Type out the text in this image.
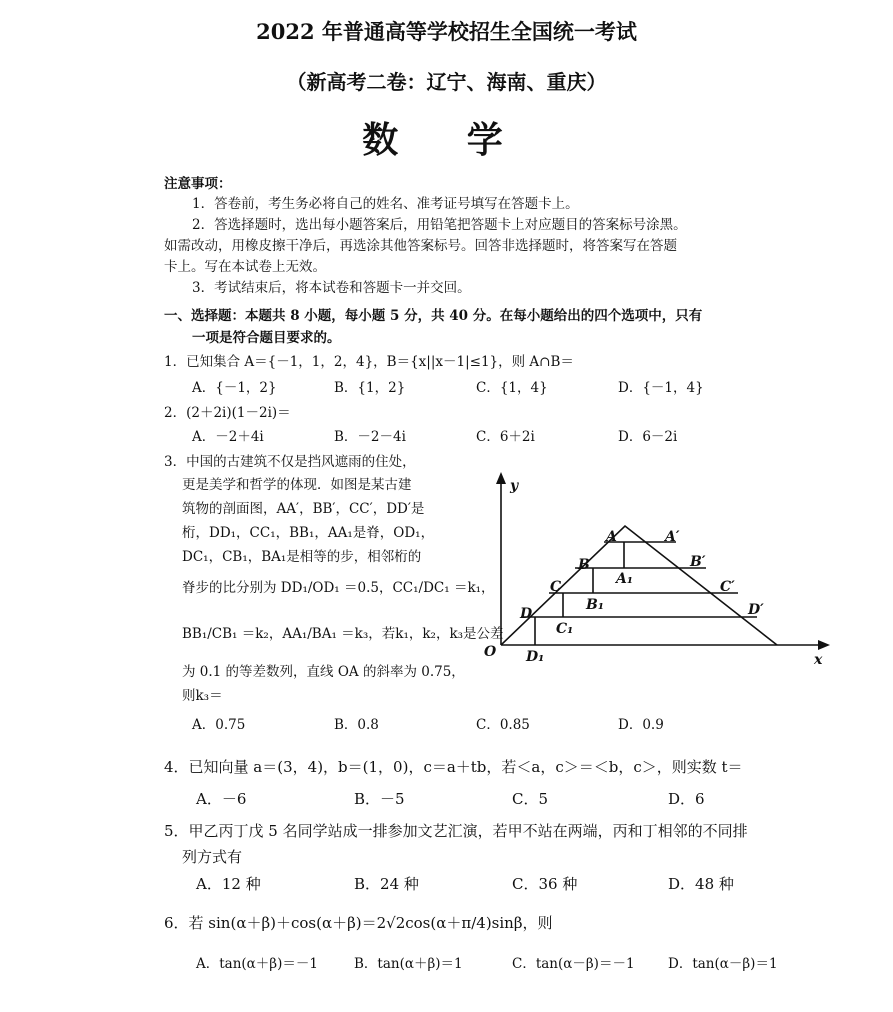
2022 年普通高等学校招生全国统一考试
（新高考二卷：辽宁、海南、重庆）
数 学
注意事项：
1．答卷前，考生务必将自己的姓名、准考证号填写在答题卡上。
2．答选择题时，选出每小题答案后，用铅笔把答题卡上对应题目的答案标号涂黑。
如需改动，用橡皮擦干净后，再选涂其他答案标号。回答非选择题时，将答案写在答题
卡上。写在本试卷上无效。
3．考试结束后，将本试卷和答题卡一并交回。
一、选择题：本题共 8 小题，每小题 5 分，共 40 分。在每小题给出的四个选项中，只有
一项是符合题目要求的。
1．已知集合 A＝{－1，1，2，4}，B＝{x||x－1|≤1}，则 A∩B＝
A．{－1，2}	B．{1，2}	C．{1，4}	D．{－1，4}
2．(2＋2i)(1－2i)＝
A．－2＋4i	B．－2－4i	C．6＋2i	D．6－2i
3．中国的古建筑不仅是挡风遮雨的住处，
更是美学和哲学的体现．如图是某古建
筑物的剖面图，AA′，BB′，CC′，DD′是
桁，DD₁，CC₁，BB₁，AA₁是脊，OD₁，
DC₁，CB₁，BA₁是相等的步，相邻桁的
脊步的比分别为 DD₁/OD₁ ＝0.5，CC₁/DC₁ ＝k₁，
BB₁/CB₁ ＝k₂，AA₁/BA₁ ＝k₃，若k₁，k₂，k₃是公差
为 0.1 的等差数列，直线 OA 的斜率为 0.75，
则k₃＝
A．0.75	B．0.8	C．0.85	D．0.9
y
x
O
A	A′
A₁
B	B′
B₁
C	C′
C₁
D	D′
D₁
4．已知向量 a＝(3，4)，b＝(1，0)，c＝a＋tb，若＜a，c＞＝＜b，c＞，则实数 t＝
A．－6	B．－5	C．5	D．6
5．甲乙丙丁戊 5 名同学站成一排参加文艺汇演，若甲不站在两端，丙和丁相邻的不同排
列方式有
A．12 种	B．24 种	C．36 种	D．48 种
6．若 sin(α＋β)＋cos(α＋β)＝2√2cos(α＋π/4)sinβ，则
A．tan(α＋β)＝－1	B．tan(α＋β)＝1	C．tan(α－β)＝－1 D．tan(α－β)＝1
